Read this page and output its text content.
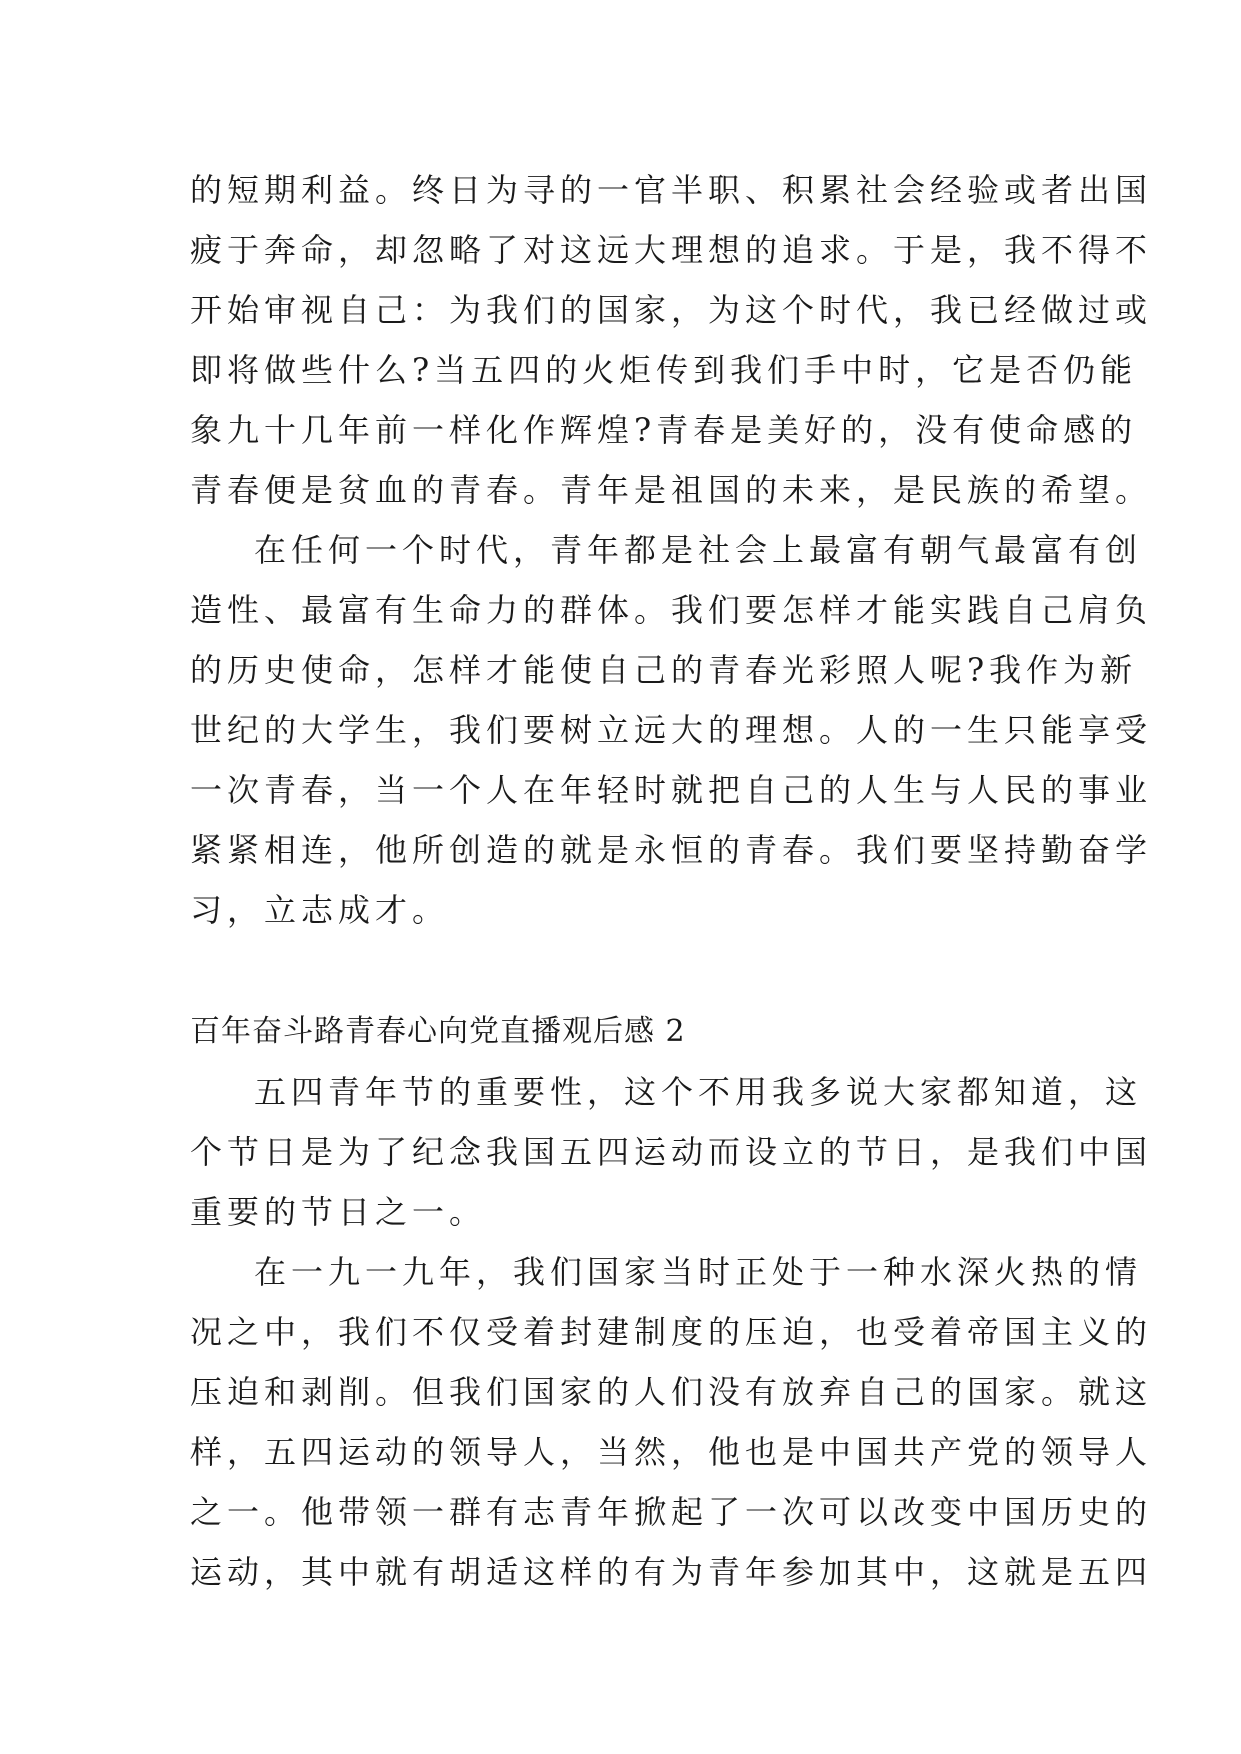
的短期利益。终日为寻的一官半职、积累社会经验或者出国
疲于奔命，却忽略了对这远大理想的追求。于是，我不得不
开始审视自己：为我们的国家，为这个时代，我已经做过或
即将做些什么?当五四的火炬传到我们手中时，它是否仍能
象九十几年前一样化作辉煌?青春是美好的，没有使命感的
青春便是贫血的青春。青年是祖国的未来，是民族的希望。
在任何一个时代，青年都是社会上最富有朝气最富有创
造性、最富有生命力的群体。我们要怎样才能实践自己肩负
的历史使命，怎样才能使自己的青春光彩照人呢?我作为新
世纪的大学生，我们要树立远大的理想。人的一生只能享受
一次青春，当一个人在年轻时就把自己的人生与人民的事业
紧紧相连，他所创造的就是永恒的青春。我们要坚持勤奋学
习，立志成才。
百年奋斗路青春心向党直播观后感 2
五四青年节的重要性，这个不用我多说大家都知道，这
个节日是为了纪念我国五四运动而设立的节日，是我们中国
重要的节日之一。
在一九一九年，我们国家当时正处于一种水深火热的情
况之中，我们不仅受着封建制度的压迫，也受着帝国主义的
压迫和剥削。但我们国家的人们没有放弃自己的国家。就这
样，五四运动的领导人，当然，他也是中国共产党的领导人
之一。他带领一群有志青年掀起了一次可以改变中国历史的
运动，其中就有胡适这样的有为青年参加其中，这就是五四
